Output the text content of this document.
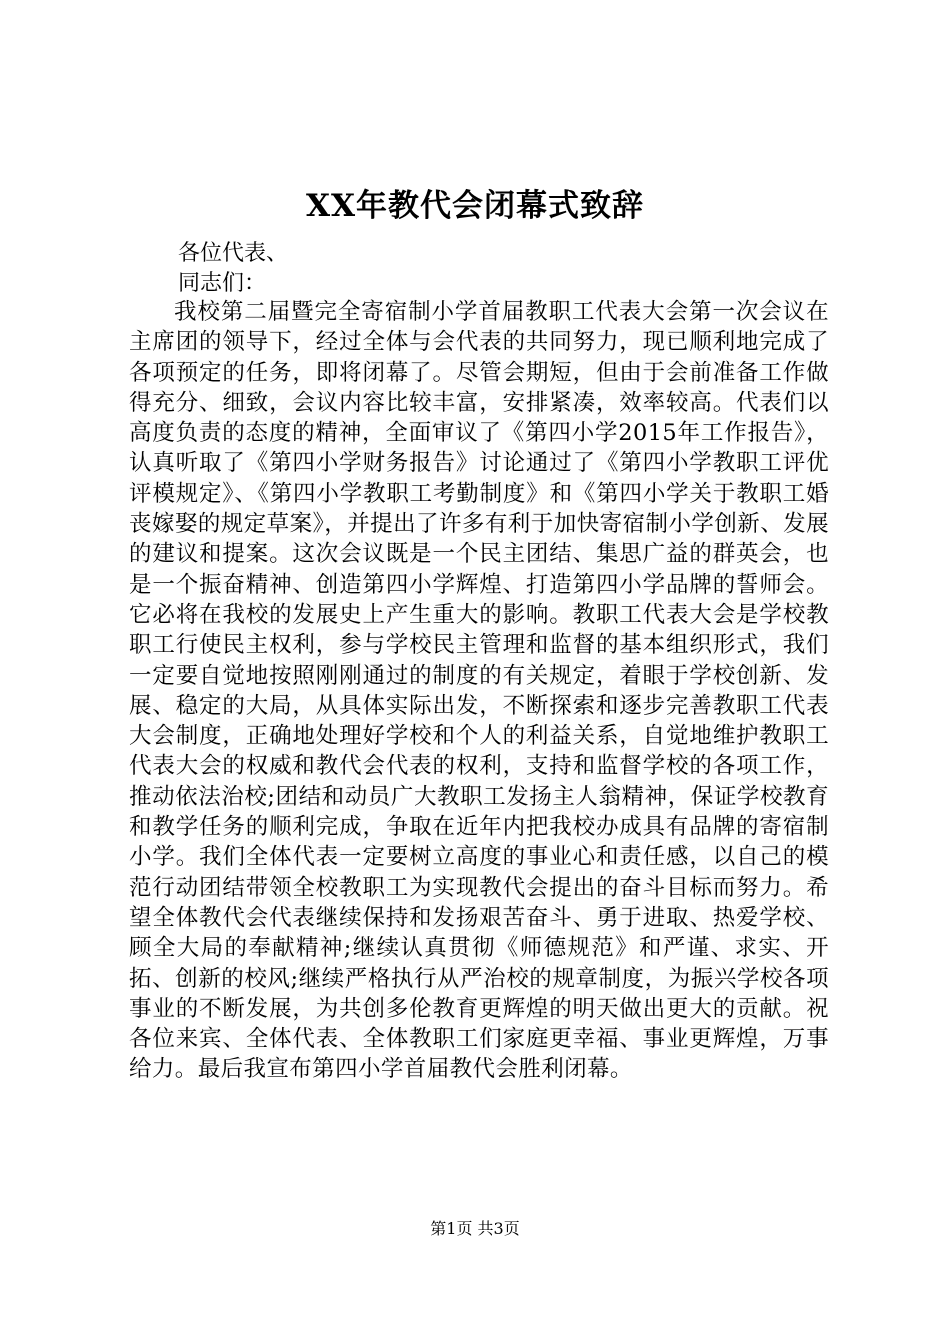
XX年教代会闭幕式致辞

各位代表、

同志们：

我校第二届暨完全寄宿制小学首届教职工代表大会第一次会议在主席团的领导下，经过全体与会代表的共同努力，现已顺利地完成了各项预定的任务，即将闭幕了。尽管会期短，但由于会前准备工作做得充分、细致，会议内容比较丰富，安排紧凑，效率较高。代表们以高度负责的态度的精神，全面审议了《第四小学2015年工作报告》，认真听取了《第四小学财务报告》讨论通过了《第四小学教职工评优评模规定》、《第四小学教职工考勤制度》和《第四小学关于教职工婚丧嫁娶的规定草案》，并提出了许多有利于加快寄宿制小学创新、发展的建议和提案。这次会议既是一个民主团结、集思广益的群英会，也是一个振奋精神、创造第四小学辉煌、打造第四小学品牌的誓师会。它必将在我校的发展史上产生重大的影响。教职工代表大会是学校教职工行使民主权利，参与学校民主管理和监督的基本组织形式，我们一定要自觉地按照刚刚通过的制度的有关规定，着眼于学校创新、发展、稳定的大局，从具体实际出发，不断探索和逐步完善教职工代表大会制度，正确地处理好学校和个人的利益关系，自觉地维护教职工代表大会的权威和教代会代表的权利，支持和监督学校的各项工作，推动依法治校;团结和动员广大教职工发扬主人翁精神，保证学校教育和教学任务的顺利完成，争取在近年内把我校办成具有品牌的寄宿制小学。我们全体代表一定要树立高度的事业心和责任感，以自己的模范行动团结带领全校教职工为实现教代会提出的奋斗目标而努力。希望全体教代会代表继续保持和发扬艰苦奋斗、勇于进取、热爱学校、顾全大局的奉献精神;继续认真贯彻《师德规范》和严谨、求实、开拓、创新的校风;继续严格执行从严治校的规章制度，为振兴学校各项事业的不断发展，为共创多伦教育更辉煌的明天做出更大的贡献。祝各位来宾、全体代表、全体教职工们家庭更幸福、事业更辉煌，万事给力。最后我宣布第四小学首届教代会胜利闭幕。

第1页 共3页
